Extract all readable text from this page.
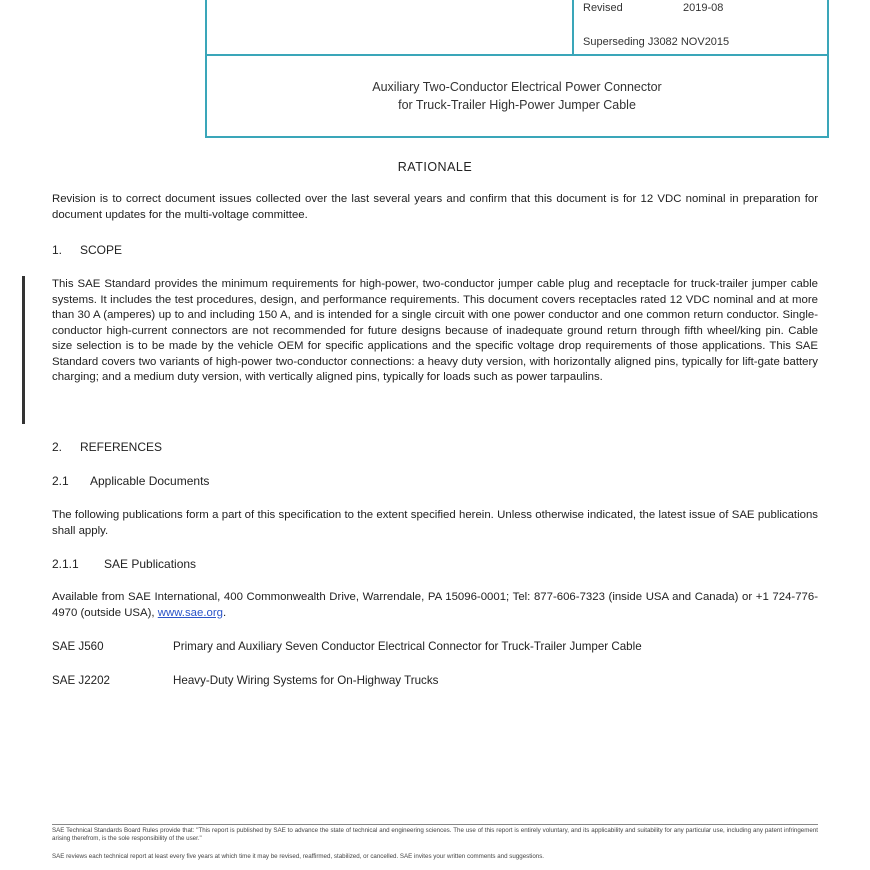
Revised	2019-08
Superseding J3082 NOV2015
Auxiliary Two-Conductor Electrical Power Connector
for Truck-Trailer High-Power Jumper Cable
RATIONALE

Revision is to correct document issues collected over the last several years and confirm that this document is for 12 VDC nominal in preparation for document updates for the multi-voltage committee.

1. SCOPE

This SAE Standard provides the minimum requirements for high-power, two-conductor jumper cable plug and receptacle for truck-trailer jumper cable systems. It includes the test procedures, design, and performance requirements. This document covers receptacles rated 12 VDC nominal and at more than 30 A (amperes) up to and including 150 A, and is intended for a single circuit with one power conductor and one common return conductor. Single-conductor high-current connectors are not recommended for future designs because of inadequate ground return through fifth wheel/king pin. Cable size selection is to be made by the vehicle OEM for specific applications and the specific voltage drop requirements of those applications. This SAE Standard covers two variants of high-power two-conductor connections: a heavy duty version, with horizontally aligned pins, typically for lift-gate battery charging; and a medium duty version, with vertically aligned pins, typically for loads such as power tarpaulins.

2. REFERENCES
2.1 Applicable Documents

The following publications form a part of this specification to the extent specified herein. Unless otherwise indicated, the latest issue of SAE publications shall apply.

2.1.1 SAE Publications

Available from SAE International, 400 Commonwealth Drive, Warrendale, PA 15096-0001; Tel: 877-606-7323 (inside USA and Canada) or +1 724-776-4970 (outside USA), www.sae.org.

SAE J560	Primary and Auxiliary Seven Conductor Electrical Connector for Truck-Trailer Jumper Cable
SAE J2202	Heavy-Duty Wiring Systems for On-Highway Trucks

SAE Technical Standards Board Rules provide that: "This report is published by SAE to advance the state of technical and engineering sciences. The use of this report is entirely voluntary, and its applicability and suitability for any particular use, including any patent infringement arising therefrom, is the sole responsibility of the user."

SAE reviews each technical report at least every five years at which time it may be revised, reaffirmed, stabilized, or cancelled. SAE invites your written comments and suggestions.
